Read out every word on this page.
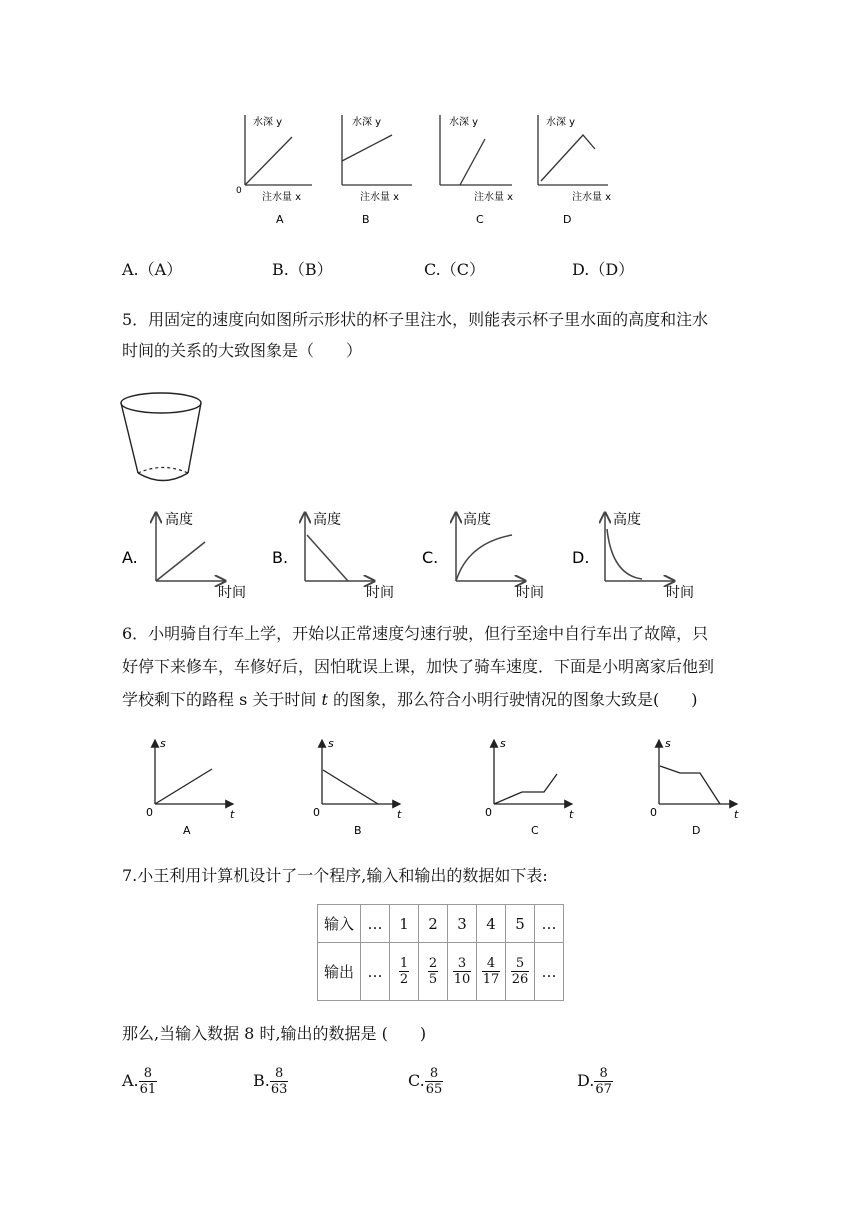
水深 y
0
注水量 x
A
水深 y
注水量 x
B
水深 y
注水量 x
C
水深 y
注水量 x
D
A.（A）	B.（B）	C.（C）	D.（D）
5．用固定的速度向如图所示形状的杯子里注水，则能表示杯子里水面的高度和注水
时间的关系的大致图象是（　　）
A.
高度
时间
B.
高度
时间
C.
高度
时间
D.
高度
时间
6．小明骑自行车上学，开始以正常速度匀速行驶，但行至途中自行车出了故障，只
好停下来修车，车修好后，因怕耽误上课，加快了骑车速度．下面是小明离家后他到
学校剩下的路程 s 关于时间 t 的图象，那么符合小明行驶情况的图象大致是(　　)
s
0	t
A
s
0	t
B
s
0	t
C
s
0	t
D
7.小王利用计算机设计了一个程序,输入和输出的数据如下表:
输入	…	1	2	3	4	5	…
输出	…	$\frac{1}{2}$	$\frac{2}{5}$	$\frac{3}{10}$	$\frac{4}{17}$	$\frac{5}{26}$	…
那么,当输入数据 8 时,输出的数据是 (　　)
A. $\frac{8}{61}$	B. $\frac{8}{63}$	C. $\frac{8}{65}$	D. $\frac{8}{67}$
